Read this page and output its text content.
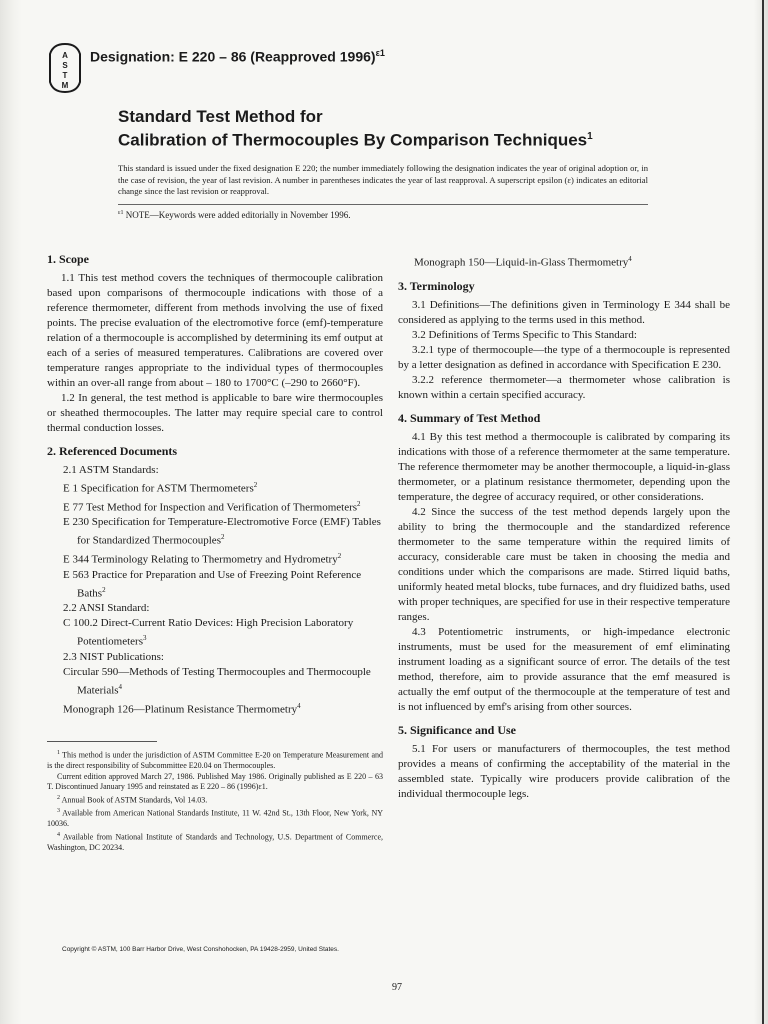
A
S
T
M

Designation: E 220 – 86 (Reapproved 1996)$^{\varepsilon 1}$

Standard Test Method for
Calibration of Thermocouples By Comparison Techniques$^1$

This standard is issued under the fixed designation E 220; the number immediately following the designation indicates the year of original adoption or, in the case of revision, the year of last revision. A number in parentheses indicates the year of last reapproval. A superscript epsilon (ε) indicates an editorial change since the last revision or reapproval.

$^{\varepsilon 1}$ NOTE—Keywords were added editorially in November 1996.

1. Scope

1.1 This test method covers the techniques of thermocouple calibration based upon comparisons of thermocouple indications with those of a reference thermometer, different from methods involving the use of fixed points. The precise evaluation of the electromotive force (emf)-temperature relation of a thermocouple is accomplished by determining its emf output at each of a series of measured temperatures. Calibrations are covered over temperature ranges appropriate to the individual types of thermocouples within an over-all range from about – 180 to 1700°C (–290 to 2660°F).

1.2 In general, the test method is applicable to bare wire thermocouples or sheathed thermocouples. The latter may require special care to control thermal conduction losses.

2. Referenced Documents

2.1 ASTM Standards:

E 1 Specification for ASTM Thermometers$^2$

E 77 Test Method for Inspection and Verification of Thermometers$^2$

E 230 Specification for Temperature-Electromotive Force (EMF) Tables for Standardized Thermocouples$^2$

E 344 Terminology Relating to Thermometry and Hydrometry$^2$

E 563 Practice for Preparation and Use of Freezing Point Reference Baths$^2$

2.2 ANSI Standard:

C 100.2 Direct-Current Ratio Devices: High Precision Laboratory Potentiometers$^3$

2.3 NIST Publications:

Circular 590—Methods of Testing Thermocouples and Thermocouple Materials$^4$

Monograph 126—Platinum Resistance Thermometry$^4$

$^1$ This method is under the jurisdiction of ASTM Committee E-20 on Temperature Measurement and is the direct responsibility of Subcommittee E20.04 on Thermocouples.

Current edition approved March 27, 1986. Published May 1986. Originally published as E 220 – 63 T. Discontinued January 1995 and reinstated as E 220 – 86 (1996)ε1.

$^2$ Annual Book of ASTM Standards, Vol 14.03.

$^3$ Available from American National Standards Institute, 11 W. 42nd St., 13th Floor, New York, NY 10036.

$^4$ Available from National Institute of Standards and Technology, U.S. Department of Commerce, Washington, DC 20234.

Monograph 150—Liquid-in-Glass Thermometry$^4$

3. Terminology

3.1 Definitions—The definitions given in Terminology E 344 shall be considered as applying to the terms used in this method.

3.2 Definitions of Terms Specific to This Standard:

3.2.1 type of thermocouple—the type of a thermocouple is represented by a letter designation as defined in accordance with Specification E 230.

3.2.2 reference thermometer—a thermometer whose calibration is known within a certain specified accuracy.

4. Summary of Test Method

4.1 By this test method a thermocouple is calibrated by comparing its indications with those of a reference thermometer at the same temperature. The reference thermometer may be another thermocouple, a liquid-in-glass thermometer, or a platinum resistance thermometer, depending upon the temperature, the degree of accuracy required, or other considerations.

4.2 Since the success of the test method depends largely upon the ability to bring the thermocouple and the standardized reference thermometer to the same temperature within the required limits of accuracy, considerable care must be taken in choosing the media and conditions under which the comparisons are made. Stirred liquid baths, uniformly heated metal blocks, tube furnaces, and dry fluidized baths, used with proper techniques, are specified for use in their respective temperature ranges.

4.3 Potentiometric instruments, or high-impedance electronic instruments, must be used for the measurement of emf eliminating instrument loading as a significant source of error. The details of the test method, therefore, aim to provide assurance that the emf measured is actually the emf output of the thermocouple at the temperature of test and is not influenced by emf's arising from other sources.

5. Significance and Use

5.1 For users or manufacturers of thermocouples, the test method provides a means of confirming the acceptability of the material in the assembled state. Typically wire producers provide calibration of the individual thermocouple legs.

Copyright © ASTM, 100 Barr Harbor Drive, West Conshohocken, PA 19428-2959, United States.

97
